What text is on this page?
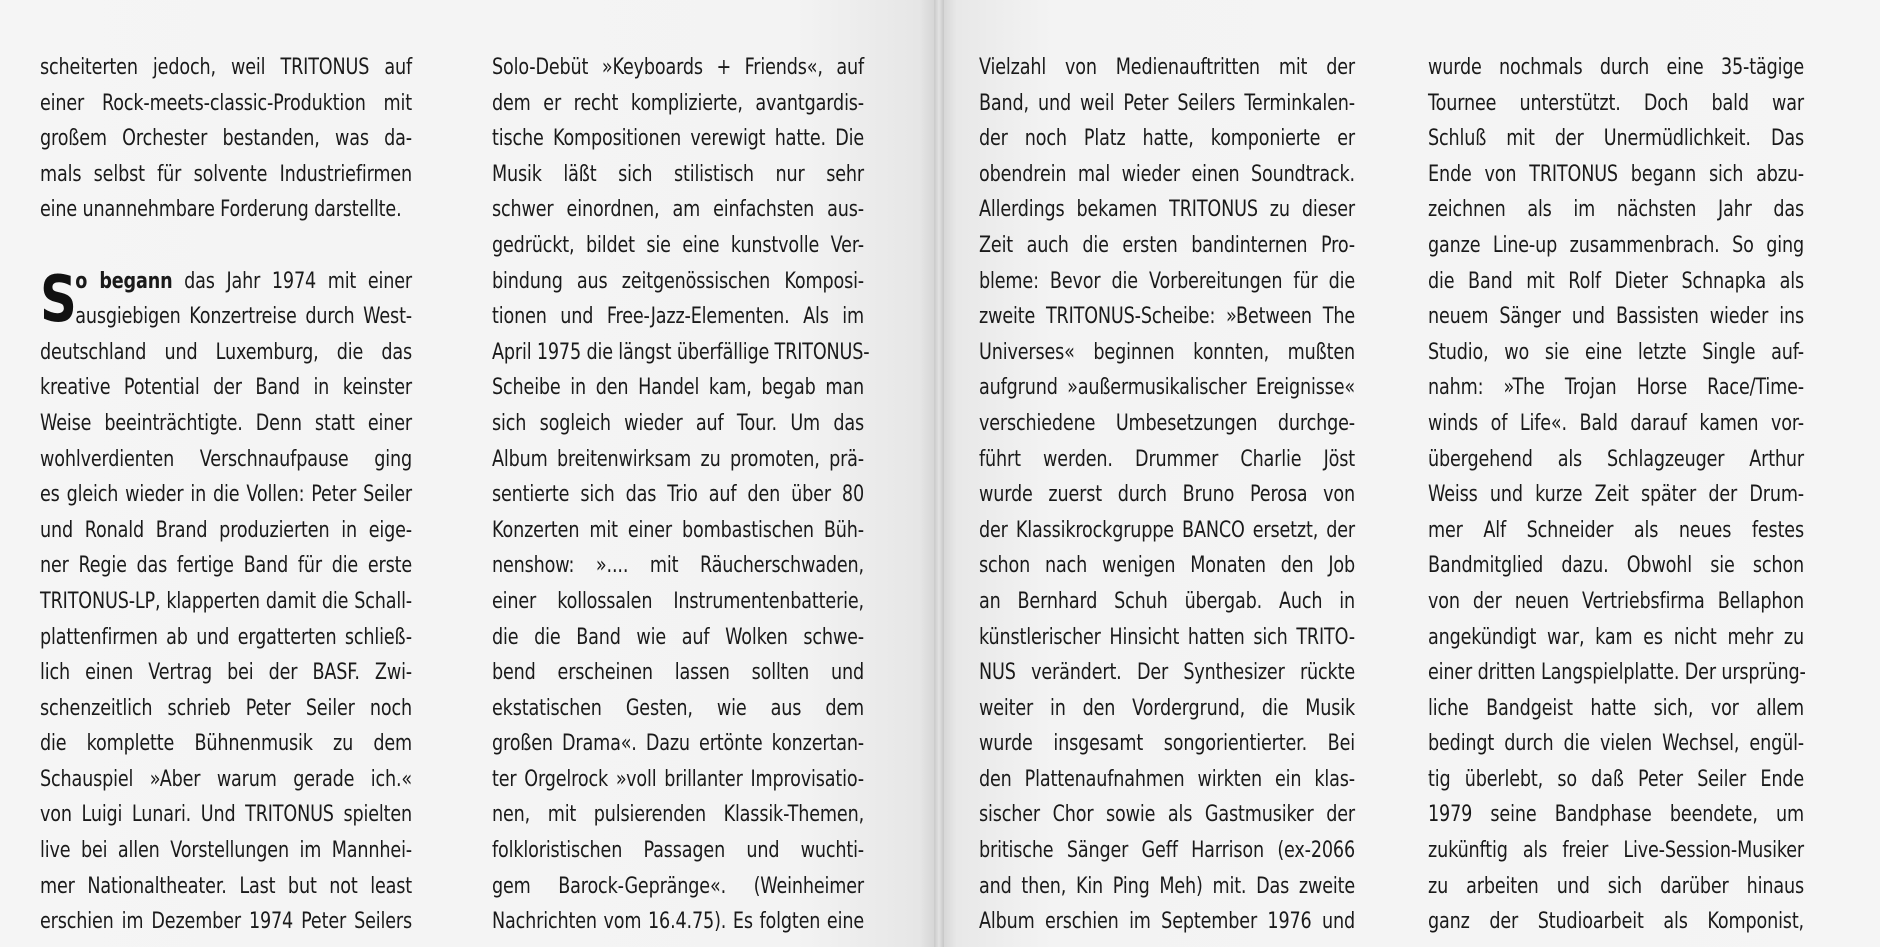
scheiterten jedoch, weil TRITONUS auf
einer Rock-meets-classic-Produktion mit
großem Orchester bestanden, was da-
mals selbst für solvente Industriefirmen
eine unannehmbare Forderung darstellte.
S
o begann das Jahr 1974 mit einer
ausgiebigen Konzertreise durch West-
deutschland und Luxemburg, die das
kreative Potential der Band in keinster
Weise beeinträchtigte. Denn statt einer
wohlverdienten Verschnaufpause ging
es gleich wieder in die Vollen: Peter Seiler
und Ronald Brand produzierten in eige-
ner Regie das fertige Band für die erste
TRITONUS-LP, klapperten damit die Schall-
plattenfirmen ab und ergatterten schließ-
lich einen Vertrag bei der BASF. Zwi-
schenzeitlich schrieb Peter Seiler noch
die komplette Bühnenmusik zu dem
Schauspiel »Aber warum gerade ich.«
von Luigi Lunari. Und TRITONUS spielten
live bei allen Vorstellungen im Mannhei-
mer Nationaltheater. Last but not least
erschien im Dezember 1974 Peter Seilers
Solo-Debüt »Keyboards + Friends«, auf
dem er recht komplizierte, avantgardis-
tische Kompositionen verewigt hatte. Die
Musik läßt sich stilistisch nur sehr
schwer einordnen, am einfachsten aus-
gedrückt, bildet sie eine kunstvolle Ver-
bindung aus zeitgenössischen Komposi-
tionen und Free-Jazz-Elementen. Als im
April 1975 die längst überfällige TRITONUS-
Scheibe in den Handel kam, begab man
sich sogleich wieder auf Tour. Um das
Album breitenwirksam zu promoten, prä-
sentierte sich das Trio auf den über 80
Konzerten mit einer bombastischen Büh-
nenshow: ».... mit Räucherschwaden,
einer kollossalen Instrumentenbatterie,
die die Band wie auf Wolken schwe-
bend erscheinen lassen sollten und
ekstatischen Gesten, wie aus dem
großen Drama«. Dazu ertönte konzertan-
ter Orgelrock »voll brillanter Improvisatio-
nen, mit pulsierenden Klassik-Themen,
folkloristischen Passagen und wuchti-
gem Barock-Gepränge«. (Weinheimer
Nachrichten vom 16.4.75). Es folgten eine
Vielzahl von Medienauftritten mit der
Band, und weil Peter Seilers Terminkalen-
der noch Platz hatte, komponierte er
obendrein mal wieder einen Soundtrack.
Allerdings bekamen TRITONUS zu dieser
Zeit auch die ersten bandinternen Pro-
bleme: Bevor die Vorbereitungen für die
zweite TRITONUS-Scheibe: »Between The
Universes« beginnen konnten, mußten
aufgrund »außermusikalischer Ereignisse«
verschiedene Umbesetzungen durchge-
führt werden. Drummer Charlie Jöst
wurde zuerst durch Bruno Perosa von
der Klassikrockgruppe BANCO ersetzt, der
schon nach wenigen Monaten den Job
an Bernhard Schuh übergab. Auch in
künstlerischer Hinsicht hatten sich TRITO-
NUS verändert. Der Synthesizer rückte
weiter in den Vordergrund, die Musik
wurde insgesamt songorientierter. Bei
den Plattenaufnahmen wirkten ein klas-
sischer Chor sowie als Gastmusiker der
britische Sänger Geff Harrison (ex-2066
and then, Kin Ping Meh) mit. Das zweite
Album erschien im September 1976 und
wurde nochmals durch eine 35-tägige
Tournee unterstützt. Doch bald war
Schluß mit der Unermüdlichkeit. Das
Ende von TRITONUS begann sich abzu-
zeichnen als im nächsten Jahr das
ganze Line-up zusammenbrach. So ging
die Band mit Rolf Dieter Schnapka als
neuem Sänger und Bassisten wieder ins
Studio, wo sie eine letzte Single auf-
nahm: »The Trojan Horse Race/Time-
winds of Life«. Bald darauf kamen vor-
übergehend als Schlagzeuger Arthur
Weiss und kurze Zeit später der Drum-
mer Alf Schneider als neues festes
Bandmitglied dazu. Obwohl sie schon
von der neuen Vertriebsfirma Bellaphon
angekündigt war, kam es nicht mehr zu
einer dritten Langspielplatte. Der ursprüng-
liche Bandgeist hatte sich, vor allem
bedingt durch die vielen Wechsel, engül-
tig überlebt, so daß Peter Seiler Ende
1979 seine Bandphase beendete, um
zukünftig als freier Live-Session-Musiker
zu arbeiten und sich darüber hinaus
ganz der Studioarbeit als Komponist,
